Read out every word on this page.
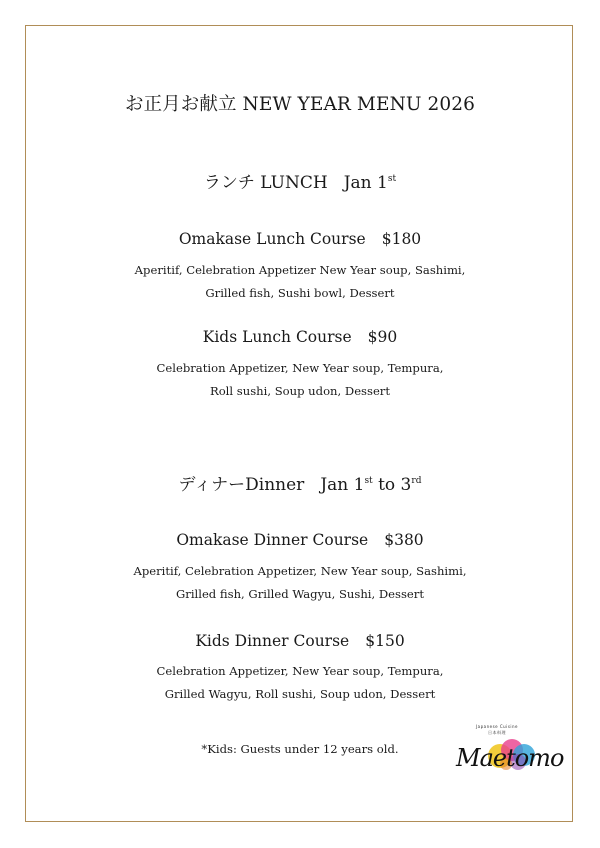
お正月お献立 NEW YEAR MENU 2026
ランチ LUNCH Jan 1st
Omakase Lunch Course $180
Aperitif, Celebration Appetizer New Year soup, Sashimi,
Grilled fish, Sushi bowl, Dessert
Kids Lunch Course $90
Celebration Appetizer, New Year soup, Tempura,
Roll sushi, Soup udon, Dessert
ディナーDinner Jan 1st to 3rd
Omakase Dinner Course $380
Aperitif, Celebration Appetizer, New Year soup, Sashimi,
Grilled fish, Grilled Wagyu, Sushi, Dessert
Kids Dinner Course $150
Celebration Appetizer, New Year soup, Tempura,
Grilled Wagyu, Roll sushi, Soup udon, Dessert
*Kids: Guests under 12 years old.
Japanese Cuisine
日本料理
Maetomo
